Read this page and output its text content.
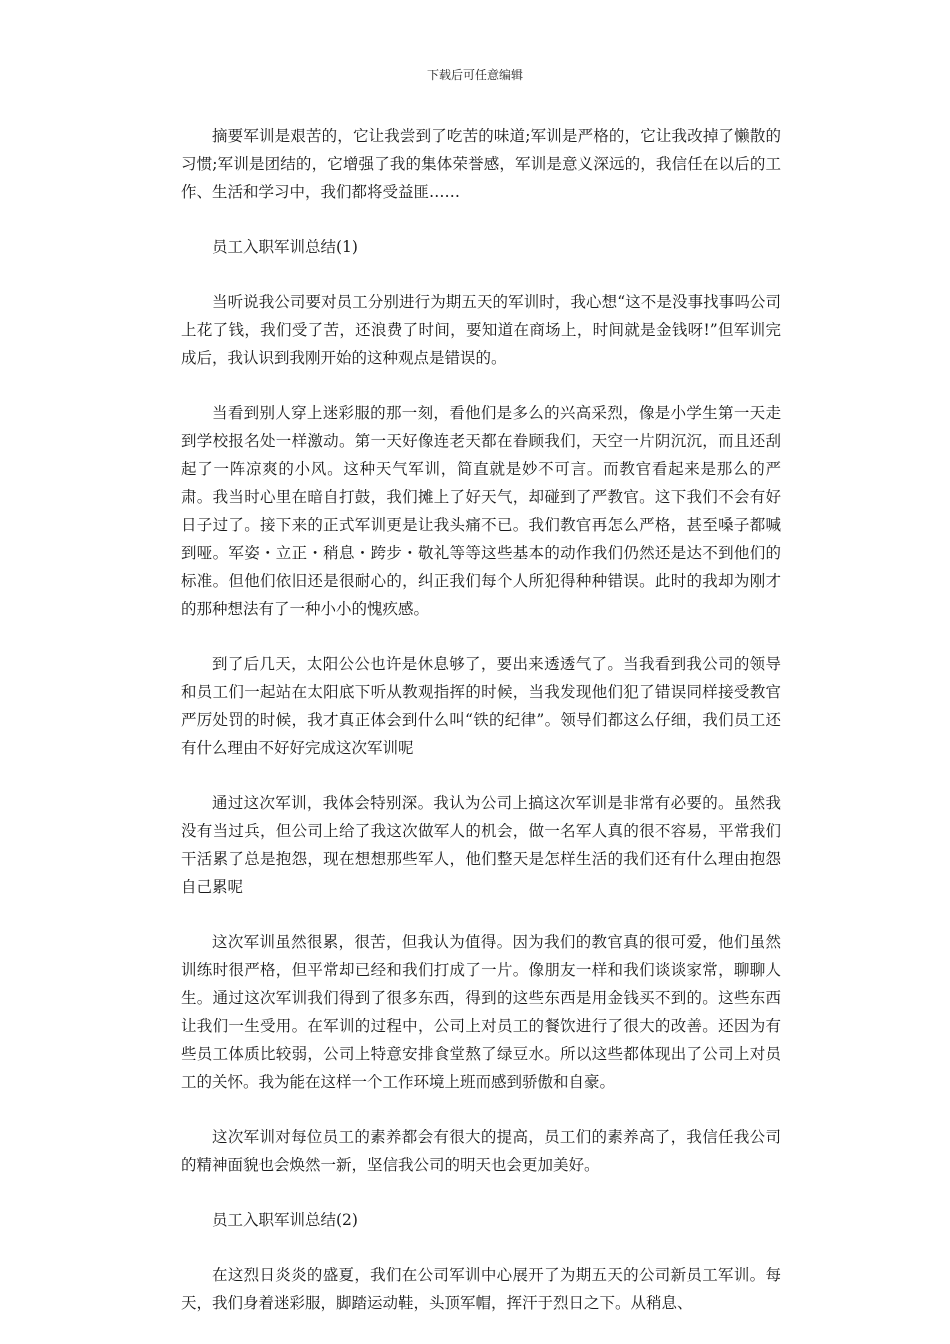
下载后可任意编辑

摘要军训是艰苦的，它让我尝到了吃苦的味道;军训是严格的，它让我改掉了懒散的习惯;军训是团结的，它增强了我的集体荣誉感，军训是意义深远的，我信任在以后的工作、生活和学习中，我们都将受益匪……

员工入职军训总结(1)

当听说我公司要对员工分别进行为期五天的军训时，我心想“这不是没事找事吗公司上花了钱，我们受了苦，还浪费了时间，要知道在商场上，时间就是金钱呀!”但军训完成后，我认识到我刚开始的这种观点是错误的。

当看到别人穿上迷彩服的那一刻，看他们是多么的兴高采烈，像是小学生第一天走到学校报名处一样激动。第一天好像连老天都在眷顾我们，天空一片阴沉沉，而且还刮起了一阵凉爽的小风。这种天气军训，简直就是妙不可言。而教官看起来是那么的严肃。我当时心里在暗自打鼓，我们摊上了好天气，却碰到了严教官。这下我们不会有好日子过了。接下来的正式军训更是让我头痛不已。我们教官再怎么严格，甚至嗓子都喊到哑。军姿・立正・稍息・跨步・敬礼等等这些基本的动作我们仍然还是达不到他们的标准。但他们依旧还是很耐心的，纠正我们每个人所犯得种种错误。此时的我却为刚才的那种想法有了一种小小的愧疚感。

到了后几天，太阳公公也许是休息够了，要出来透透气了。当我看到我公司的领导和员工们一起站在太阳底下听从教观指挥的时候，当我发现他们犯了错误同样接受教官严厉处罚的时候，我才真正体会到什么叫“铁的纪律”。领导们都这么仔细，我们员工还有什么理由不好好完成这次军训呢

通过这次军训，我体会特别深。我认为公司上搞这次军训是非常有必要的。虽然我没有当过兵，但公司上给了我这次做军人的机会，做一名军人真的很不容易，平常我们干活累了总是抱怨，现在想想那些军人，他们整天是怎样生活的我们还有什么理由抱怨自己累呢

这次军训虽然很累，很苦，但我认为值得。因为我们的教官真的很可爱，他们虽然训练时很严格，但平常却已经和我们打成了一片。像朋友一样和我们谈谈家常，聊聊人生。通过这次军训我们得到了很多东西，得到的这些东西是用金钱买不到的。这些东西让我们一生受用。在军训的过程中，公司上对员工的餐饮进行了很大的改善。还因为有些员工体质比较弱，公司上特意安排食堂熬了绿豆水。所以这些都体现出了公司上对员工的关怀。我为能在这样一个工作环境上班而感到骄傲和自豪。

这次军训对每位员工的素养都会有很大的提高，员工们的素养高了，我信任我公司的精神面貌也会焕然一新，坚信我公司的明天也会更加美好。

员工入职军训总结(2)

在这烈日炎炎的盛夏，我们在公司军训中心展开了为期五天的公司新员工军训。每天，我们身着迷彩服，脚踏运动鞋，头顶军帽，挥汗于烈日之下。从稍息、
